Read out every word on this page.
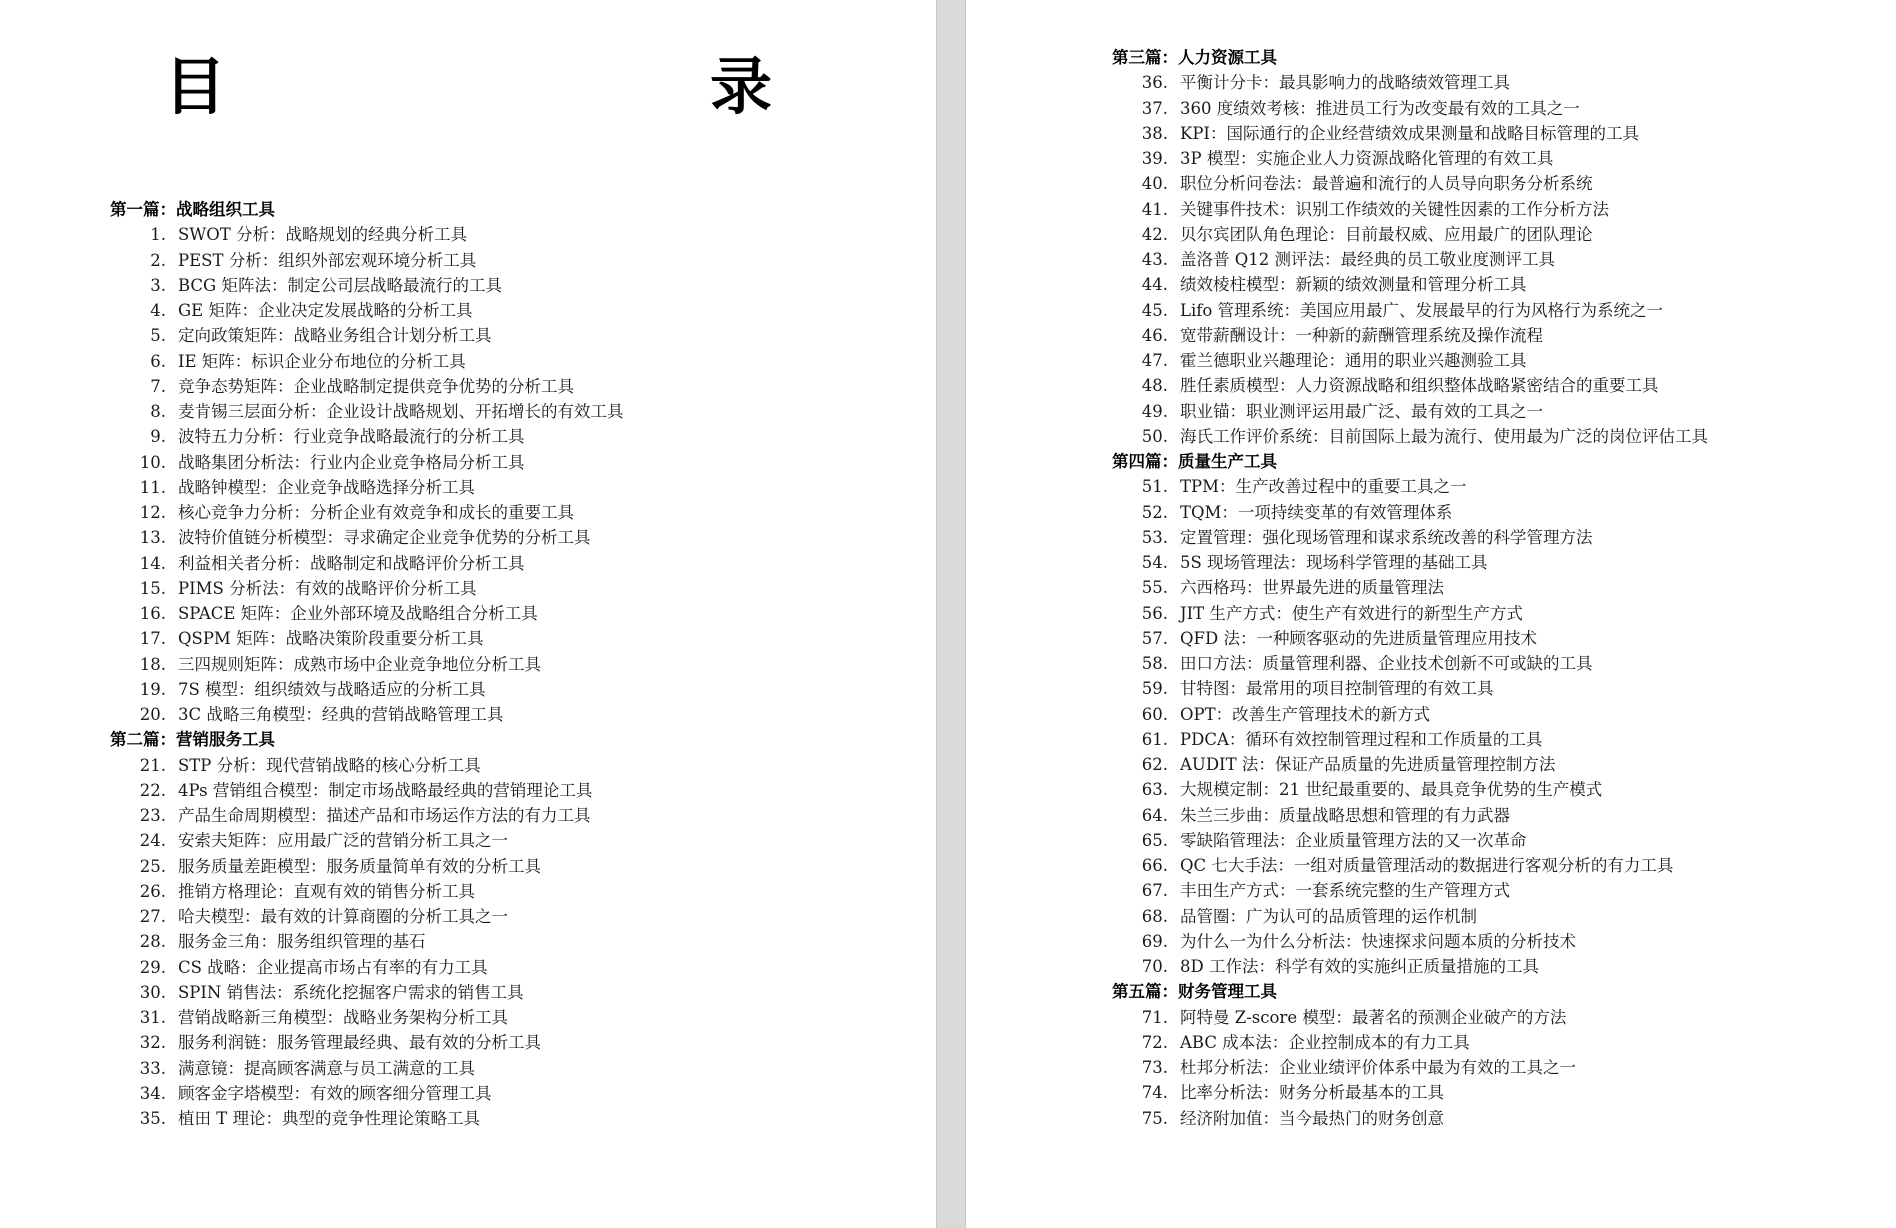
目　　录
第一篇：战略组织工具
1. SWOT 分析：战略规划的经典分析工具
2. PEST 分析：组织外部宏观环境分析工具
3. BCG 矩阵法：制定公司层战略最流行的工具
4. GE 矩阵：企业决定发展战略的分析工具
5. 定向政策矩阵：战略业务组合计划分析工具
6. IE 矩阵：标识企业分布地位的分析工具
7. 竞争态势矩阵：企业战略制定提供竞争优势的分析工具
8. 麦肯锡三层面分析：企业设计战略规划、开拓增长的有效工具
9. 波特五力分析：行业竞争战略最流行的分析工具
10. 战略集团分析法：行业内企业竞争格局分析工具
11. 战略钟模型：企业竞争战略选择分析工具
12. 核心竞争力分析：分析企业有效竞争和成长的重要工具
13. 波特价值链分析模型：寻求确定企业竞争优势的分析工具
14. 利益相关者分析：战略制定和战略评价分析工具
15. PIMS 分析法：有效的战略评价分析工具
16. SPACE 矩阵：企业外部环境及战略组合分析工具
17. QSPM 矩阵：战略决策阶段重要分析工具
18. 三四规则矩阵：成熟市场中企业竞争地位分析工具
19. 7S 模型：组织绩效与战略适应的分析工具
20. 3C 战略三角模型：经典的营销战略管理工具
第二篇：营销服务工具
21. STP 分析：现代营销战略的核心分析工具
22. 4Ps 营销组合模型：制定市场战略最经典的营销理论工具
23. 产品生命周期模型：描述产品和市场运作方法的有力工具
24. 安索夫矩阵：应用最广泛的营销分析工具之一
25. 服务质量差距模型：服务质量简单有效的分析工具
26. 推销方格理论：直观有效的销售分析工具
27. 哈夫模型：最有效的计算商圈的分析工具之一
28. 服务金三角：服务组织管理的基石
29. CS 战略：企业提高市场占有率的有力工具
30. SPIN 销售法：系统化挖掘客户需求的销售工具
31. 营销战略新三角模型：战略业务架构分析工具
32. 服务利润链：服务管理最经典、最有效的分析工具
33. 满意镜：提高顾客满意与员工满意的工具
34. 顾客金字塔模型：有效的顾客细分管理工具
35. 植田 T 理论：典型的竞争性理论策略工具
第三篇：人力资源工具
36. 平衡计分卡：最具影响力的战略绩效管理工具
37. 360 度绩效考核：推进员工行为改变最有效的工具之一
38. KPI：国际通行的企业经营绩效成果测量和战略目标管理的工具
39. 3P 模型：实施企业人力资源战略化管理的有效工具
40. 职位分析问卷法：最普遍和流行的人员导向职务分析系统
41. 关键事件技术：识别工作绩效的关键性因素的工作分析方法
42. 贝尔宾团队角色理论：目前最权威、应用最广的团队理论
43. 盖洛普 Q12 测评法：最经典的员工敬业度测评工具
44. 绩效棱柱模型：新颖的绩效测量和管理分析工具
45. Lifo 管理系统：美国应用最广、发展最早的行为风格行为系统之一
46. 宽带薪酬设计：一种新的薪酬管理系统及操作流程
47. 霍兰德职业兴趣理论：通用的职业兴趣测验工具
48. 胜任素质模型：人力资源战略和组织整体战略紧密结合的重要工具
49. 职业锚：职业测评运用最广泛、最有效的工具之一
50. 海氏工作评价系统：目前国际上最为流行、使用最为广泛的岗位评估工具
第四篇：质量生产工具
51. TPM：生产改善过程中的重要工具之一
52. TQM：一项持续变革的有效管理体系
53. 定置管理：强化现场管理和谋求系统改善的科学管理方法
54. 5S 现场管理法：现场科学管理的基础工具
55. 六西格玛：世界最先进的质量管理法
56. JIT 生产方式：使生产有效进行的新型生产方式
57. QFD 法：一种顾客驱动的先进质量管理应用技术
58. 田口方法：质量管理利器、企业技术创新不可或缺的工具
59. 甘特图：最常用的项目控制管理的有效工具
60. OPT：改善生产管理技术的新方式
61. PDCA：循环有效控制管理过程和工作质量的工具
62. AUDIT 法：保证产品质量的先进质量管理控制方法
63. 大规模定制：21 世纪最重要的、最具竞争优势的生产模式
64. 朱兰三步曲：质量战略思想和管理的有力武器
65. 零缺陷管理法：企业质量管理方法的又一次革命
66. QC 七大手法：一组对质量管理活动的数据进行客观分析的有力工具
67. 丰田生产方式：一套系统完整的生产管理方式
68. 品管圈：广为认可的品质管理的运作机制
69. 为什么一为什么分析法：快速探求问题本质的分析技术
70. 8D 工作法：科学有效的实施纠正质量措施的工具
第五篇：财务管理工具
71. 阿特曼 Z-score 模型：最著名的预测企业破产的方法
72. ABC 成本法：企业控制成本的有力工具
73. 杜邦分析法：企业业绩评价体系中最为有效的工具之一
74. 比率分析法：财务分析最基本的工具
75. 经济附加值：当今最热门的财务创意
